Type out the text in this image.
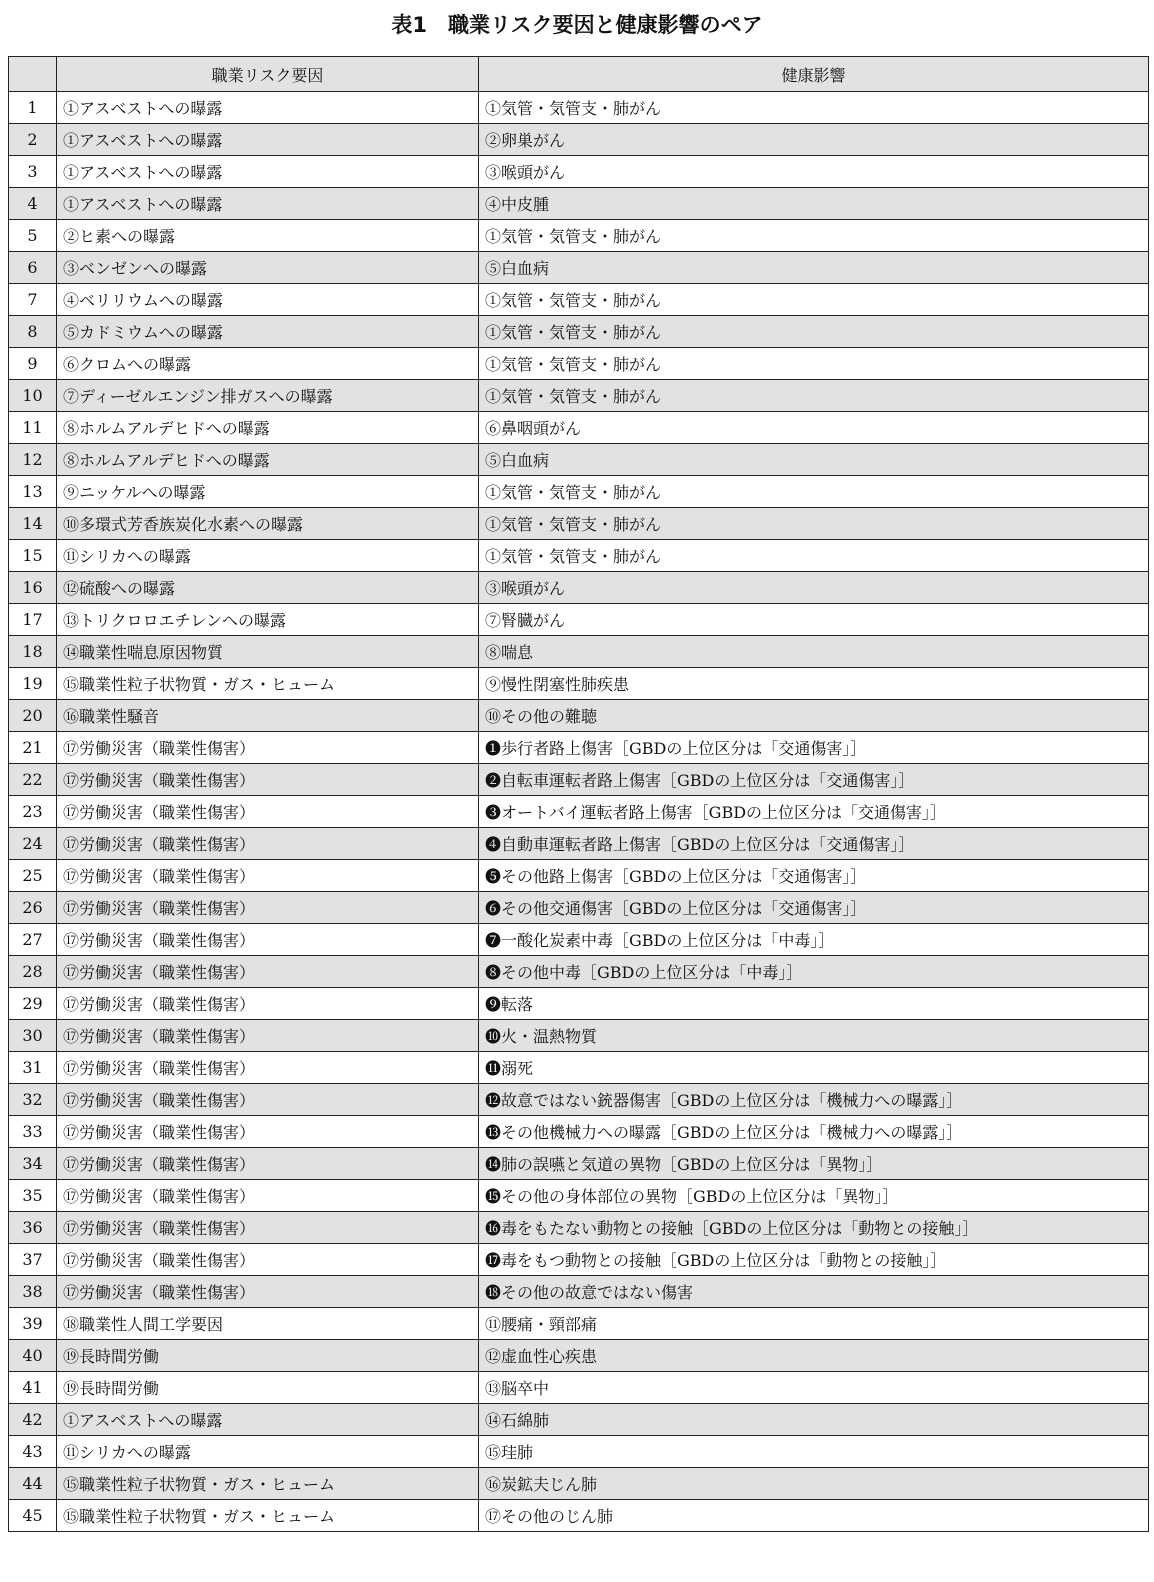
表1　職業リスク要因と健康影響のペア
	職業リスク要因	健康影響
1	①アスベストへの曝露	①気管・気管支・肺がん
2	①アスベストへの曝露	②卵巣がん
3	①アスベストへの曝露	③喉頭がん
4	①アスベストへの曝露	④中皮腫
5	②ヒ素への曝露	①気管・気管支・肺がん
6	③ベンゼンへの曝露	⑤白血病
7	④ベリリウムへの曝露	①気管・気管支・肺がん
8	⑤カドミウムへの曝露	①気管・気管支・肺がん
9	⑥クロムへの曝露	①気管・気管支・肺がん
10	⑦ディーゼルエンジン排ガスへの曝露	①気管・気管支・肺がん
11	⑧ホルムアルデヒドへの曝露	⑥鼻咽頭がん
12	⑧ホルムアルデヒドへの曝露	⑤白血病
13	⑨ニッケルへの曝露	①気管・気管支・肺がん
14	⑩多環式芳香族炭化水素への曝露	①気管・気管支・肺がん
15	⑪シリカへの曝露	①気管・気管支・肺がん
16	⑫硫酸への曝露	③喉頭がん
17	⑬トリクロロエチレンへの曝露	⑦腎臓がん
18	⑭職業性喘息原因物質	⑧喘息
19	⑮職業性粒子状物質・ガス・ヒューム	⑨慢性閉塞性肺疾患
20	⑯職業性騒音	⑩その他の難聴
21	⑰労働災害（職業性傷害）	❶歩行者路上傷害［GBDの上位区分は「交通傷害」］
22	⑰労働災害（職業性傷害）	❷自転車運転者路上傷害［GBDの上位区分は「交通傷害」］
23	⑰労働災害（職業性傷害）	❸オートバイ運転者路上傷害［GBDの上位区分は「交通傷害」］
24	⑰労働災害（職業性傷害）	❹自動車運転者路上傷害［GBDの上位区分は「交通傷害」］
25	⑰労働災害（職業性傷害）	❺その他路上傷害［GBDの上位区分は「交通傷害」］
26	⑰労働災害（職業性傷害）	❻その他交通傷害［GBDの上位区分は「交通傷害」］
27	⑰労働災害（職業性傷害）	❼一酸化炭素中毒［GBDの上位区分は「中毒」］
28	⑰労働災害（職業性傷害）	❽その他中毒［GBDの上位区分は「中毒」］
29	⑰労働災害（職業性傷害）	❾転落
30	⑰労働災害（職業性傷害）	❿火・温熱物質
31	⑰労働災害（職業性傷害）	⓫溺死
32	⑰労働災害（職業性傷害）	⓬故意ではない銃器傷害［GBDの上位区分は「機械力への曝露」］
33	⑰労働災害（職業性傷害）	⓭その他機械力への曝露［GBDの上位区分は「機械力への曝露」］
34	⑰労働災害（職業性傷害）	⓮肺の誤嚥と気道の異物［GBDの上位区分は「異物」］
35	⑰労働災害（職業性傷害）	⓯その他の身体部位の異物［GBDの上位区分は「異物」］
36	⑰労働災害（職業性傷害）	⓰毒をもたない動物との接触［GBDの上位区分は「動物との接触」］
37	⑰労働災害（職業性傷害）	⓱毒をもつ動物との接触［GBDの上位区分は「動物との接触」］
38	⑰労働災害（職業性傷害）	⓲その他の故意ではない傷害
39	⑱職業性人間工学要因	⑪腰痛・頸部痛
40	⑲長時間労働	⑫虚血性心疾患
41	⑲長時間労働	⑬脳卒中
42	①アスベストへの曝露	⑭石綿肺
43	⑪シリカへの曝露	⑮珪肺
44	⑮職業性粒子状物質・ガス・ヒューム	⑯炭鉱夫じん肺
45	⑮職業性粒子状物質・ガス・ヒューム	⑰その他のじん肺
